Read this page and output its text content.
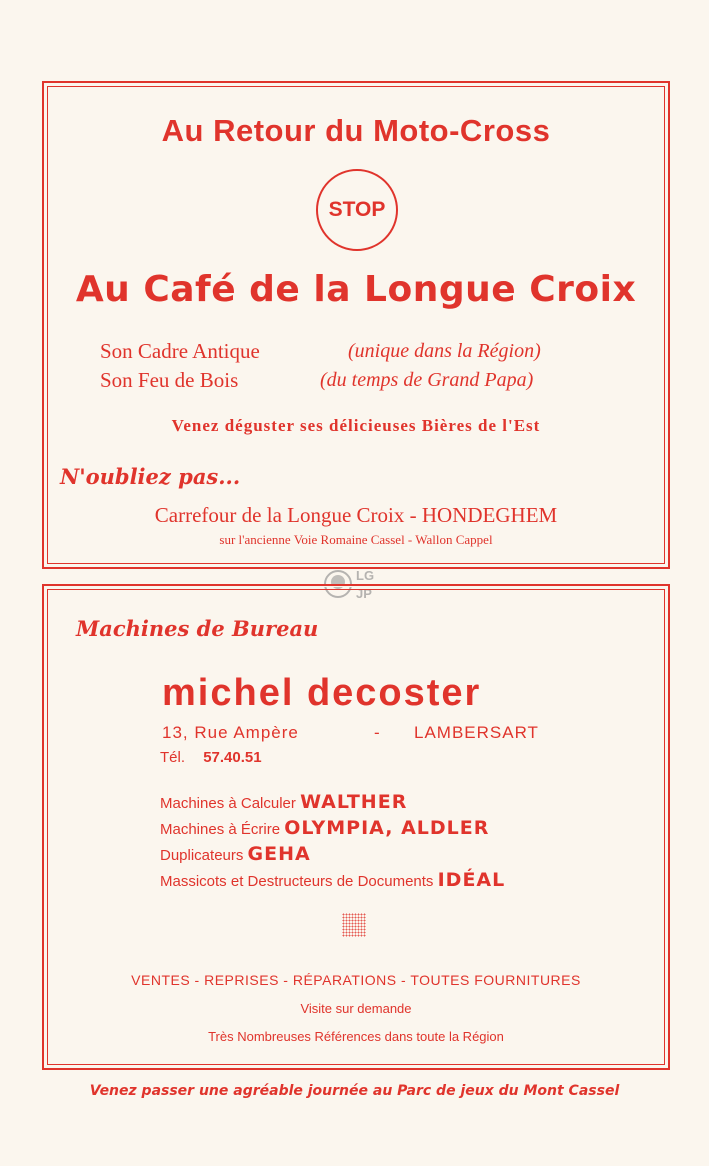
Au Retour du Moto-Cross
STOP
Au Café de la Longue Croix
Son Cadre Antique	(unique dans la Région)
Son Feu de Bois	(du temps de Grand Papa)
Venez déguster ses délicieuses Bières de l'Est
N'oubliez pas...
Carrefour de la Longue Croix - HONDEGHEM
sur l'ancienne Voie Romaine Cassel - Wallon Cappel
LG
JP
Machines de Bureau
michel decoster
13, Rue Ampère	- LAMBERSART
Tél. 57.40.51
Machines à Calculer WALTHER
Machines à Écrire OLYMPIA, ALDLER
Duplicateurs GEHA
Massicots et Destructeurs de Documents IDÉAL
VENTES - REPRISES - RÉPARATIONS - TOUTES FOURNITURES
Visite sur demande
Très Nombreuses Références dans toute la Région
Venez passer une agréable journée au Parc de jeux du Mont Cassel
